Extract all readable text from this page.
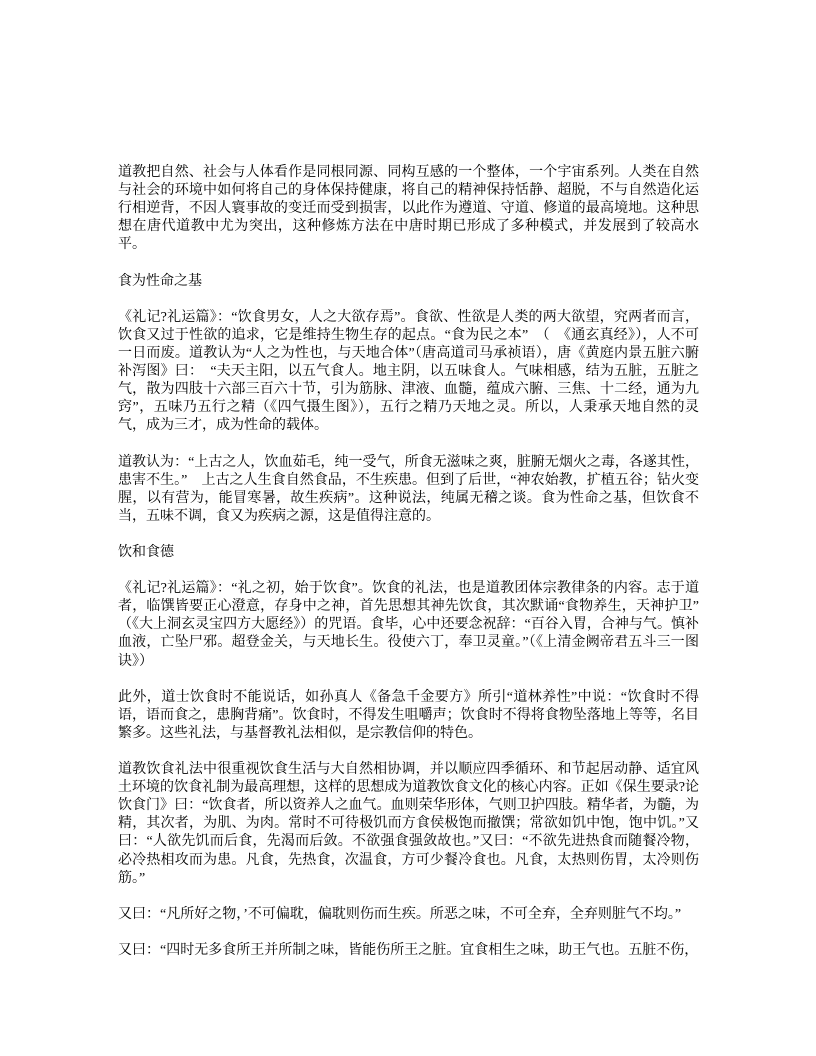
道教把自然、社会与人体看作是同根同源、同构互感的一个整体，一个宇宙系列。人类在自然与社会的环境中如何将自己的身体保持健康，将自己的精神保持恬静、超脱，不与自然造化运行相逆背，不因人寰事故的变迁而受到损害，以此作为遵道、守道、修道的最高境地。这种思想在唐代道教中尤为突出，这种修炼方法在中唐时期已形成了多种模式，并发展到了较高水平。

食为性命之基

《礼记?礼运篇》：“饮食男女，人之大欲存焉”。食欲、性欲是人类的两大欲望，究两者而言，饮食又过于性欲的追求，它是维持生物生存的起点。“食为民之本”　（　《通玄真经》），人不可一日而废。道教认为“人之为性也，与天地合体”（唐高道司马承祯语），唐《黄庭内景五脏六腑补泻图》曰：　“夫天主阳，以五气食人。地主阴，以五味食人。气味相感，结为五脏，五脏之气，散为四肢十六部三百六十节，引为筋脉、津液、血髓，蕴成六腑、三焦、十二经，通为九窍”，五味乃五行之精（《四气摄生图》），五行之精乃天地之灵。所以，人秉承天地自然的灵气，成为三才，成为性命的载体。

道教认为：“上古之人，饮血茹毛，纯一受气，所食无滋味之爽，脏腑无烟火之毒，各遂其性，患害不生。”　上古之人生食自然食品，不生疾患。但到了后世，“神农始教，扩植五谷；钻火变腥，以有营为，能冒寒暑，故生疾病”。这种说法，纯属无稽之谈。食为性命之基，但饮食不当，五味不调，食又为疾病之源，这是值得注意的。

饮和食德

《礼记?礼运篇》：“礼之初，始于饮食”。饮食的礼法，也是道教团体宗教律条的内容。志于道者，临馔皆要正心澄意，存身中之神，首先思想其神先饮食，其次默诵“食物养生，天神护卫”（《大上洞玄灵宝四方大愿经》）的咒语。食毕，心中还要念祝辞：“百谷入胃，合神与气。慎补血液，亡坠尸邪。超登金关，与天地长生。役使六丁，奉卫灵童。”（《上清金阙帝君五斗三一图诀》）

此外，道士饮食时不能说话，如孙真人《备急千金要方》所引“道林养性”中说：“饮食时不得语，语而食之，患胸背痛”。饮食时，不得发生咀嚼声；饮食时不得将食物坠落地上等等，名目繁多。这些礼法，与基督教礼法相似，是宗教信仰的特色。

道教饮食礼法中很重视饮食生活与大自然相协调，并以顺应四季循环、和节起居动静、适宜风土环境的饮食礼制为最高理想，这样的思想成为道教饮食文化的核心内容。正如《保生要录?论饮食门》曰：“饮食者，所以资养人之血气。血则荣华形体，气则卫护四肢。精华者，为髓，为精，其次者，为肌、为肉。常时不可待极饥而方食侯极饱而撤馔；常欲如饥中饱，饱中饥。”又曰：“人欲先饥而后食，先渴而后敛。不欲强食强敛故也。”又曰：“不欲先进热食而随餐冷物，必冷热相攻而为患。凡食，先热食，次温食，方可少餐冷食也。凡食，太热则伤胃，太冷则伤筋。”

又曰：“凡所好之物，’不可偏耽，偏耽则伤而生疾。所恶之味，不可全弃，全弃则脏气不均。”

又曰：“四时无多食所王并所制之味，皆能伤所王之脏。宜食相生之味，助王气也。五脏不伤，
